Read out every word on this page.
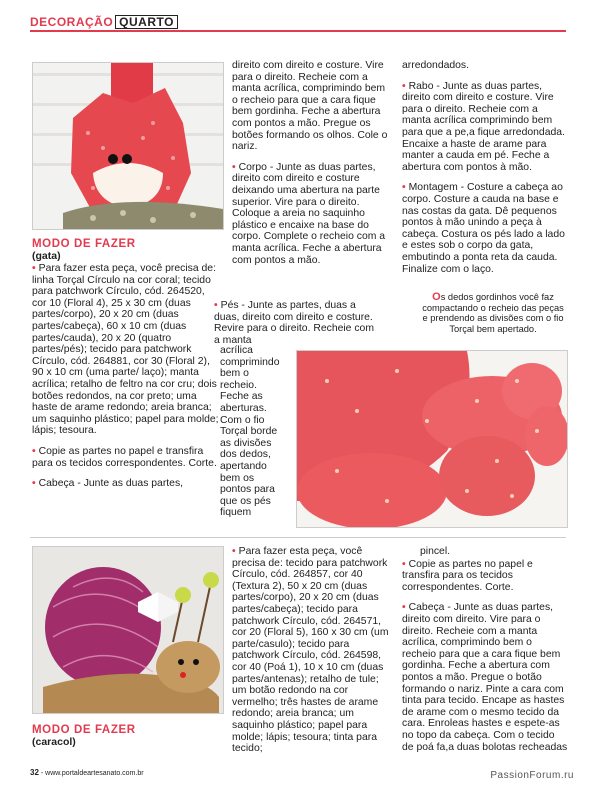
DECORAÇÃO QUARTO
MODO DE FAZER
(gata)

• Para fazer esta peça, você precisa de: linha Torçal Círculo na cor coral; tecido para patchwork Círculo, cód. 264520, cor 10 (Floral 4), 25 x 30 cm (duas partes/corpo), 20 x 20 cm (duas partes/cabeça), 60 x 10 cm (duas partes/cauda), 20 x 20 (quatro partes/pés); tecido para patchwork Círculo, cód. 264881, cor 30 (Floral 2), 90 x 10 cm (uma parte/ laço); manta acrílica; retalho de feltro na cor cru; dois botões redondos, na cor preto; uma haste de arame redondo; areia branca; um saquinho plástico; papel para molde; lápis; tesoura.

• Copie as partes no papel e transfira para os tecidos correspondentes. Corte.

• Cabeça - Junte as duas partes,

direito com direito e costure. Vire para o direito. Recheie com a manta acrílica, comprimindo bem o recheio para que a cara fique bem gordinha. Feche a abertura com pontos a mão. Pregue os botões formando os olhos. Cole o nariz.

• Corpo - Junte as duas partes, direito com direito e costure deixando uma abertura na parte superior. Vire para o direito. Coloque a areia no saquinho plástico e encaixe na base do corpo. Complete o recheio com a manta acrílica. Feche a abertura com pontos a mão.

• Pés - Junte as partes, duas a duas, direito com direito e costure. Revire para o direito. Recheie com a manta
acrílica comprimindo bem o recheio. Feche as aberturas. Com o fio Torçal borde as divisões dos dedos, apertando bem os pontos para que os pés fiquem

arredondados.

• Rabo - Junte as duas partes, direito com direito e costure. Vire para o direito. Recheie com a manta acrílica comprimindo bem para que a pe,a fique arredondada. Encaixe a haste de arame para manter a cauda em pé. Feche a abertura com pontos à mão.

• Montagem - Costure a cabeça ao corpo. Costure a cauda na base e nas costas da gata. Dê pequenos pontos à mão unindo a peça à cabeça. Costura os pés lado a lado e estes sob o corpo da gata, embutindo a ponta reta da cauda. Finalize com o laço.

Os dedos gordinhos você faz compactando o recheio das peças e prendendo as divisões com o fio Torçal bem apertado.
MODO DE FAZER
(caracol)

• Para fazer esta peça, você precisa de: tecido para patchwork Círculo, cód. 264857, cor 40 (Textura 2), 50 x 20 cm (duas partes/corpo), 20 x 20 cm (duas partes/cabeça); tecido para patchwork Círculo, cód. 264571, cor 20 (Floral 5), 160 x 30 cm (um parte/casulo); tecido para patchwork Círculo, cód. 264598, cor 40 (Poá 1), 10 x 10 cm (duas partes/antenas); retalho de tule; um botão redondo na cor vermelho; três hastes de arame redondo; areia branca; um saquinho plástico; papel para molde; lápis; tesoura; tinta para tecido;

pincel.

• Copie as partes no papel e transfira para os tecidos correspondentes. Corte.

• Cabeça - Junte as duas partes, direito com direito. Vire para o direito. Recheie com a manta acrílica, comprimindo bem o recheio para que a cara fique bem gordinha. Feche a abertura com pontos a mão. Pregue o botão formando o nariz. Pinte a cara com tinta para tecido. Encape as hastes de arame com o mesmo tecido da cara. Enroleas hastes e espete-as no topo da cabeça. Com o tecido de poá fa,a duas bolotas recheadas

32 - www.portaldeartesanato.com.br	PassionForum.ru
